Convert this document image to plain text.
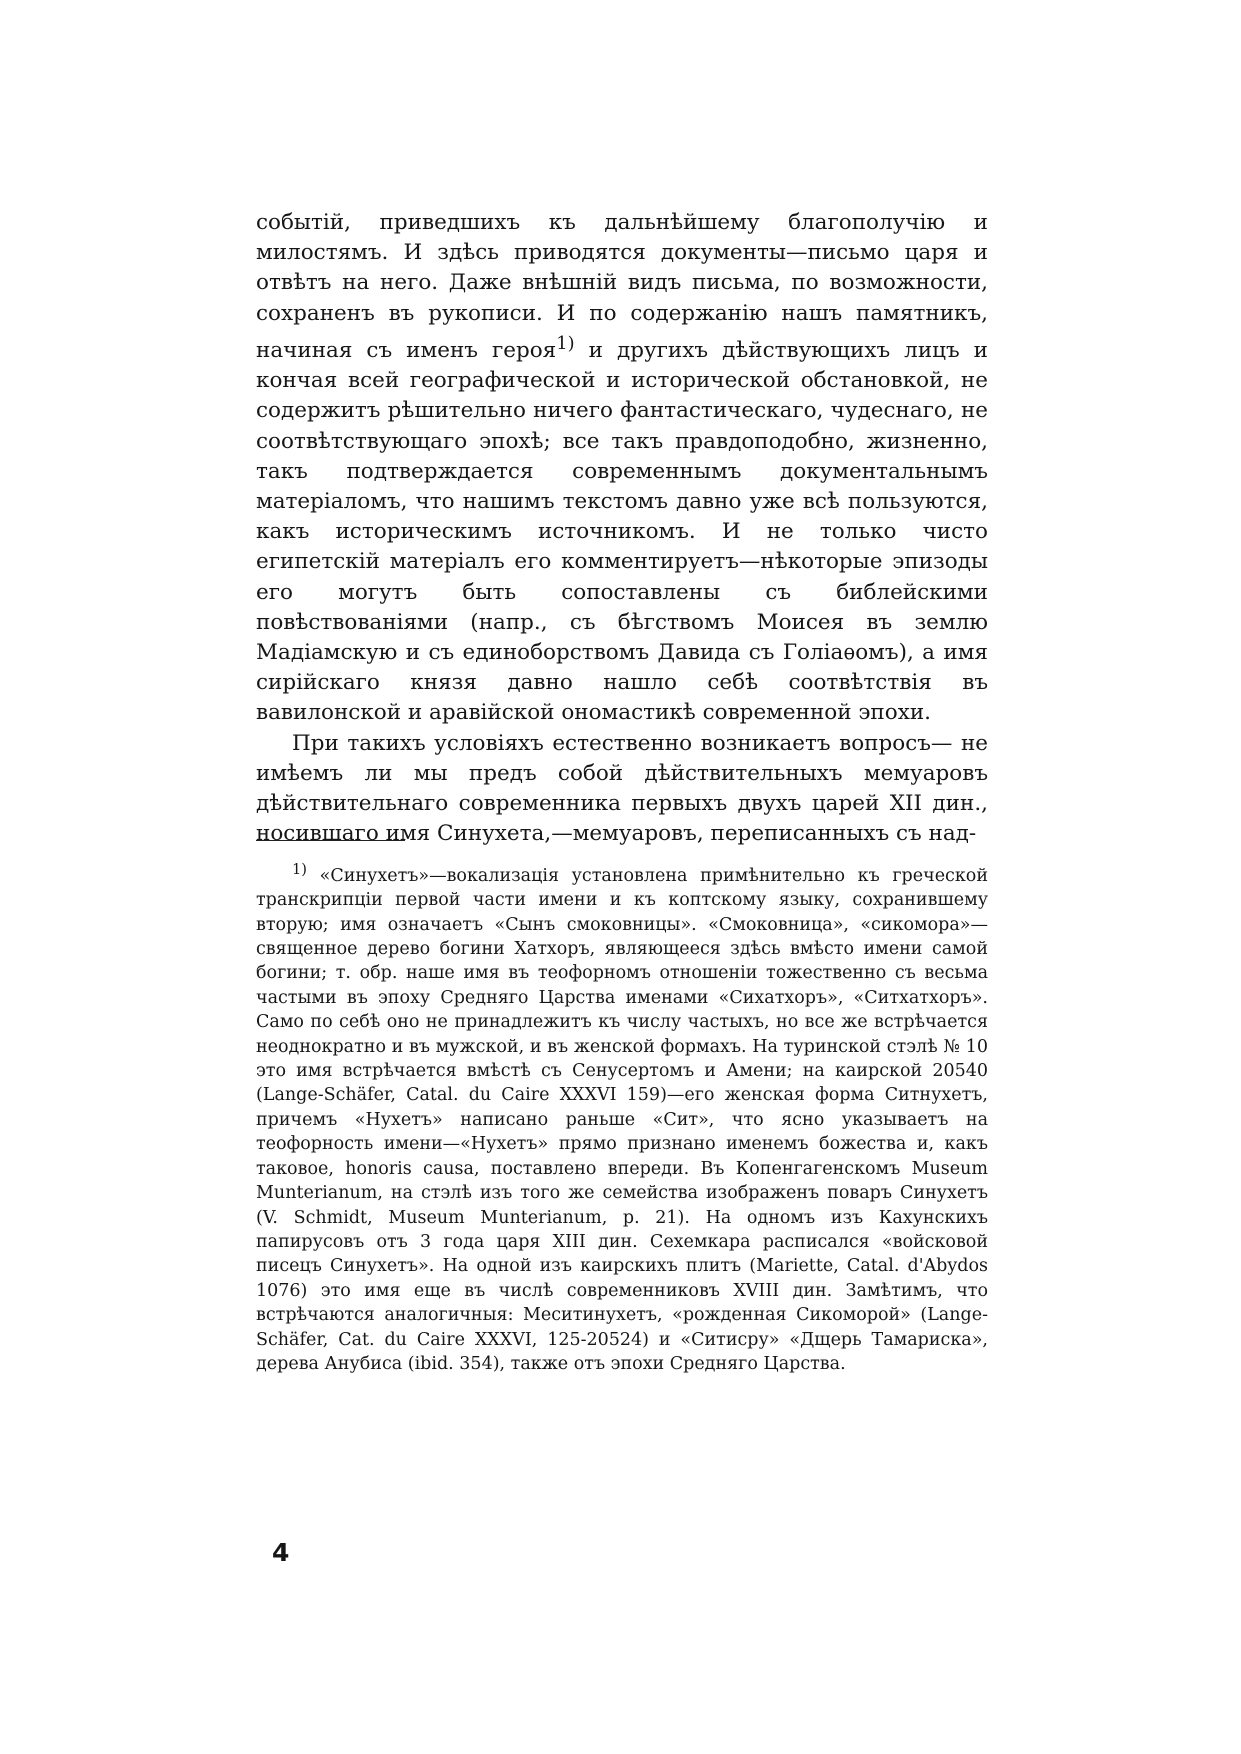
событій, приведшихъ къ дальнѣйшему благополучію и милостямъ. И здѣсь приводятся документы—письмо царя и отвѣтъ на него. Даже внѣшній видъ письма, по возможности, сохраненъ въ рукописи. И по содержанію нашъ памятникъ, начиная съ именъ героя$^{1)}$ и другихъ дѣйствующихъ лицъ и кончая всей географической и исторической обстановкой, не содержитъ рѣшительно ничего фантастическаго, чудеснаго, не соотвѣтствующаго эпохѣ; все такъ правдоподобно, жизненно, такъ подтверждается современнымъ документальнымъ матеріаломъ, что нашимъ текстомъ давно уже всѣ пользуются, какъ историческимъ источникомъ. И не только чисто египетскій матеріалъ его комментируетъ—нѣкоторые эпизоды его могутъ быть сопоставлены съ библейскими повѣствованіями (напр., съ бѣгствомъ Моисея въ землю Мадіамскую и съ единоборствомъ Давида съ Голіаѳомъ), а имя сирійскаго князя давно нашло себѣ соотвѣтствія въ вавилонской и аравійской ономастикѣ современной эпохи.

При такихъ условіяхъ естественно возникаетъ вопросъ— не имѣемъ ли мы предъ собой дѣйствительныхъ мемуаровъ дѣйствительнаго современника первыхъ двухъ царей XII дин., носившаго имя Синухета,—мемуаровъ, переписанныхъ съ над-

$^{1)}$ «Синухетъ»—вокализація установлена примѣнительно къ греческой транскрипціи первой части имени и къ коптскому языку, сохранившему вторую; имя означаетъ «Сынъ смоковницы». «Смоковница», «сикомора»—священное дерево богини Хатхоръ, являющееся здѣсь вмѣсто имени самой богини; т. обр. наше имя въ теофорномъ отношеніи тожественно съ весьма частыми въ эпоху Средняго Царства именами «Сихатхоръ», «Ситхатхоръ». Само по себѣ оно не принадлежитъ къ числу частыхъ, но все же встрѣчается неоднократно и въ мужской, и въ женской формахъ. На туринской стэлѣ № 10 это имя встрѣчается вмѣстѣ съ Сенусертомъ и Амени; на каирской 20540 (Lange-Schäfer, Catal. du Caire XXXVI 159)—его женская форма Ситнухетъ, причемъ «Нухетъ» написано раньше «Сит», что ясно указываетъ на теофорность имени—«Нухетъ» прямо признано именемъ божества и, какъ таковое, honoris causa, поставлено впереди. Въ Копенгагенскомъ Museum Munterianum, на стэлѣ изъ того же семейства изображенъ поваръ Синухетъ (V. Schmidt, Museum Munterianum, p. 21). На одномъ изъ Кахунскихъ папирусовъ отъ 3 года царя XIII дин. Сехемкара расписался «войсковой писецъ Синухетъ». На одной изъ каирскихъ плитъ (Mariette, Catal. d'Abydos 1076) это имя еще въ числѣ современниковъ XVIII дин. Замѣтимъ, что встрѣчаются аналогичныя: Меситинухетъ, «рожденная Сикоморой» (Lange-Schäfer, Cat. du Caire XXXVI, 125-20524) и «Ситисру» «Дщерь Тамариска», дерева Анубиса (ibid. 354), также отъ эпохи Средняго Царства.

4
